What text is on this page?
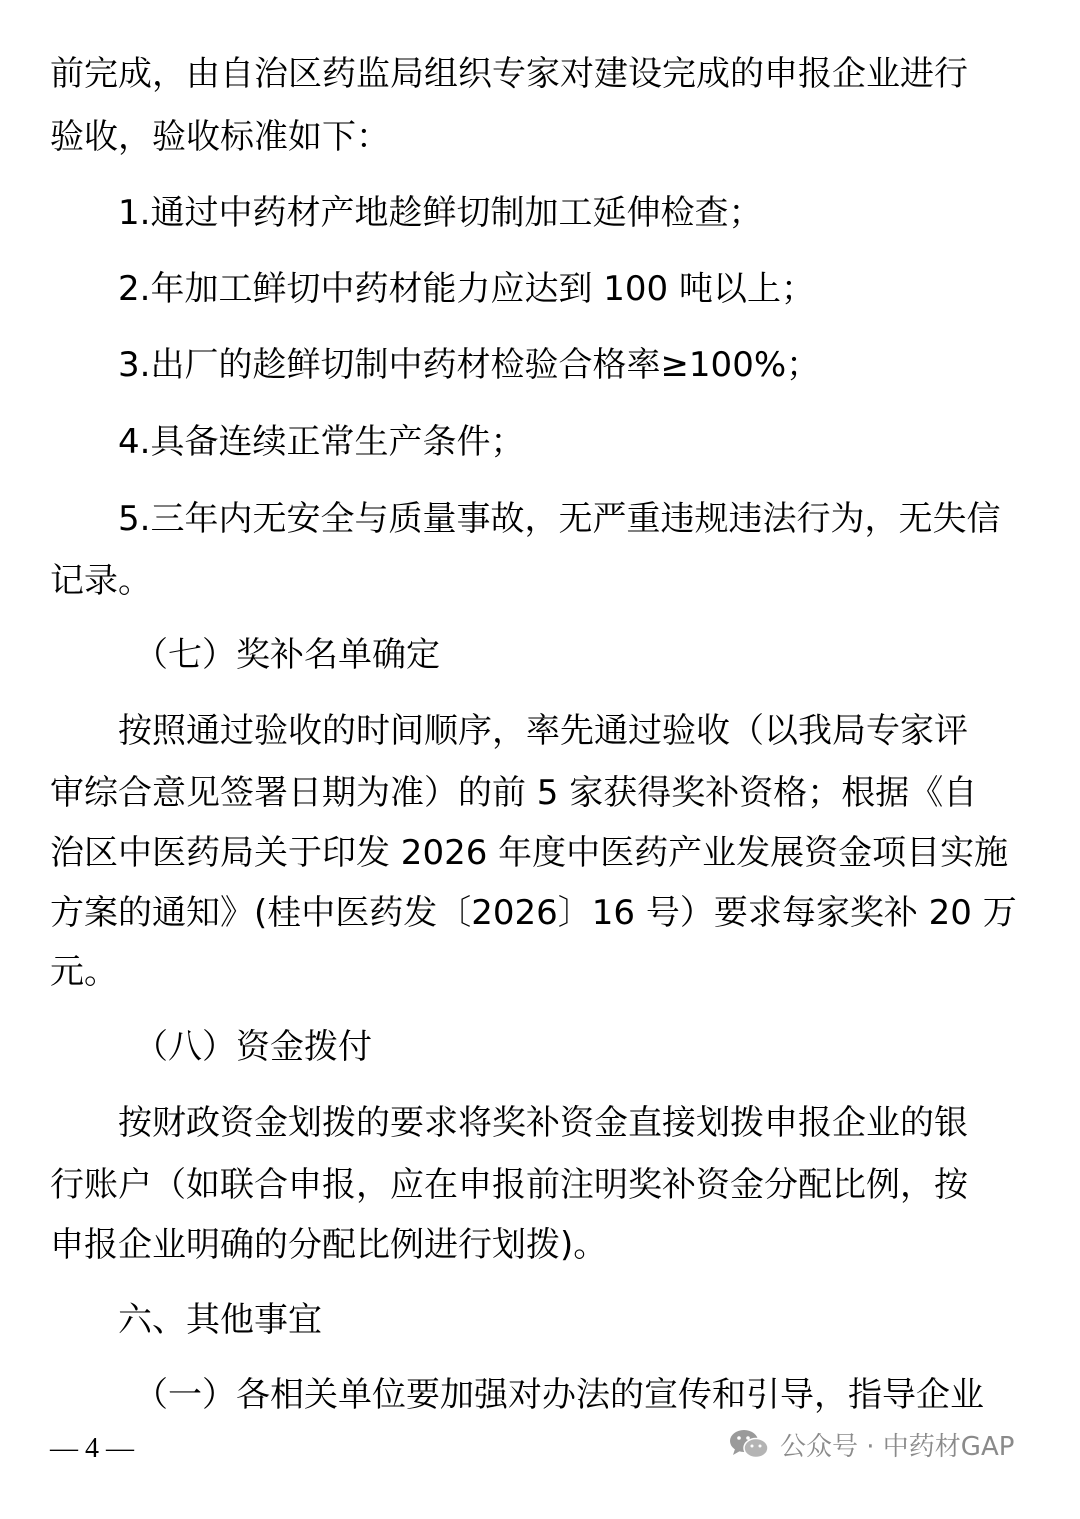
前完成，由自治区药监局组织专家对建设完成的申报企业进行
验收，验收标准如下：
1.通过中药材产地趁鲜切制加工延伸检查；
2.年加工鲜切中药材能力应达到 100 吨以上；
3.出厂的趁鲜切制中药材检验合格率≥100%；
4.具备连续正常生产条件；
5.三年内无安全与质量事故，无严重违规违法行为，无失信
记录。
（七）奖补名单确定
按照通过验收的时间顺序，率先通过验收（以我局专家评
审综合意见签署日期为准）的前 5 家获得奖补资格；根据《自
治区中医药局关于印发 2026 年度中医药产业发展资金项目实施
方案的通知》(桂中医药发〔2026〕16 号）要求每家奖补 20 万
元。
（八）资金拨付
按财政资金划拨的要求将奖补资金直接划拨申报企业的银
行账户（如联合申报，应在申报前注明奖补资金分配比例，按
申报企业明确的分配比例进行划拨)。
六、其他事宜
（一）各相关单位要加强对办法的宣传和引导，指导企业
— 4 —	公众号 · 中药材GAP
